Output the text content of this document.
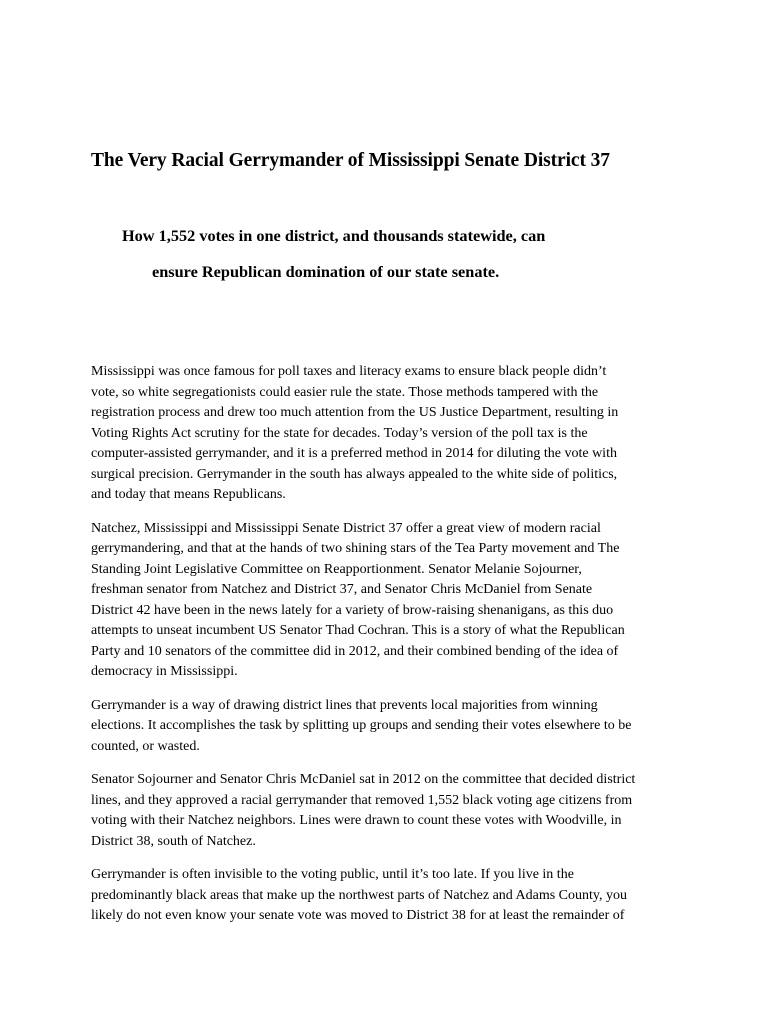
The Very Racial Gerrymander of Mississippi Senate District 37

How 1,552 votes in one district, and thousands statewide, can

ensure Republican domination of our state senate.

Mississippi was once famous for poll taxes and literacy exams to ensure black people didn’t
vote, so white segregationists could easier rule the state. Those methods tampered with the
registration process and drew too much attention from the US Justice Department, resulting in
Voting Rights Act scrutiny for the state for decades. Today’s version of the poll tax is the
computer-assisted gerrymander, and it is a preferred method in 2014 for diluting the vote with
surgical precision. Gerrymander in the south has always appealed to the white side of politics,
and today that means Republicans.

Natchez, Mississippi and Mississippi Senate District 37 offer a great view of modern racial
gerrymandering, and that at the hands of two shining stars of the Tea Party movement and The
Standing Joint Legislative Committee on Reapportionment. Senator Melanie Sojourner,
freshman senator from Natchez and District 37, and Senator Chris McDaniel from Senate
District 42 have been in the news lately for a variety of brow-raising shenanigans, as this duo
attempts to unseat incumbent US Senator Thad Cochran. This is a story of what the Republican
Party and 10 senators of the committee did in 2012, and their combined bending of the idea of
democracy in Mississippi.

Gerrymander is a way of drawing district lines that prevents local majorities from winning
elections. It accomplishes the task by splitting up groups and sending their votes elsewhere to be
counted, or wasted.

Senator Sojourner and Senator Chris McDaniel sat in 2012 on the committee that decided district
lines, and they approved a racial gerrymander that removed 1,552 black voting age citizens from
voting with their Natchez neighbors. Lines were drawn to count these votes with Woodville, in
District 38, south of Natchez.

Gerrymander is often invisible to the voting public, until it’s too late. If you live in the
predominantly black areas that make up the northwest parts of Natchez and Adams County, you
likely do not even know your senate vote was moved to District 38 for at least the remainder of
